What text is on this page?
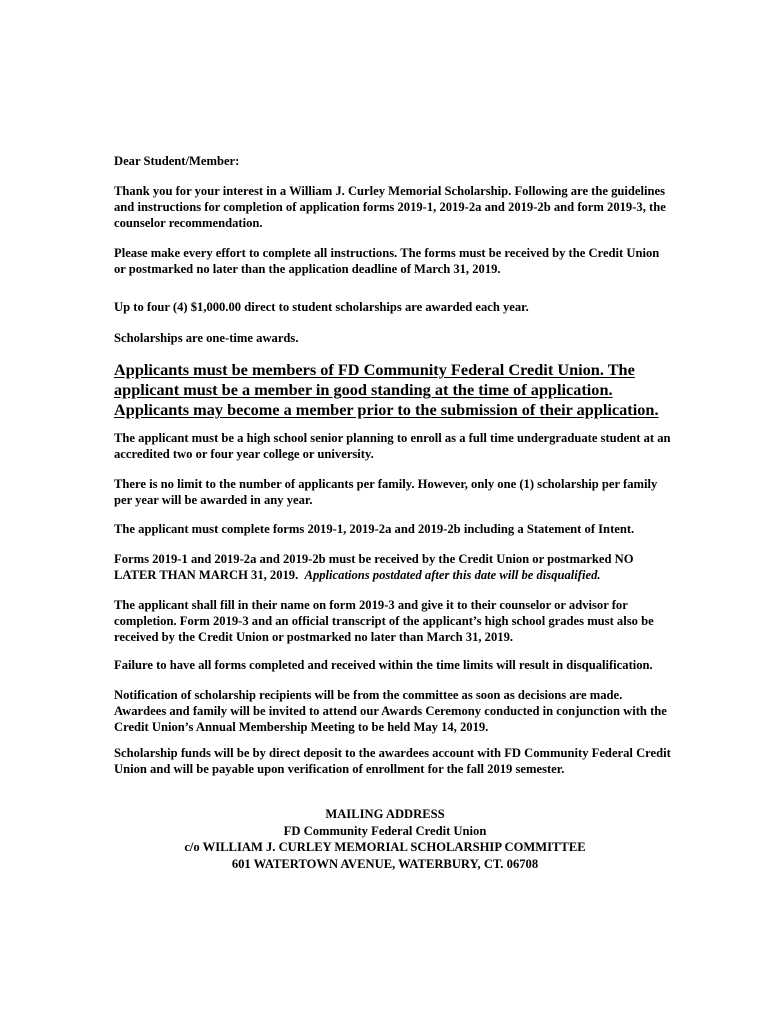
Dear Student/Member:

Thank you for your interest in a William J. Curley Memorial Scholarship. Following are the guidelines and instructions for completion of application forms 2019-1, 2019-2a and 2019-2b and form 2019-3, the counselor recommendation.

Please make every effort to complete all instructions. The forms must be received by the Credit Union or postmarked no later than the application deadline of March 31, 2019.

Up to four (4) $1,000.00 direct to student scholarships are awarded each year.

Scholarships are one-time awards.

Applicants must be members of FD Community Federal Credit Union. The applicant must be a member in good standing at the time of application. Applicants may become a member prior to the submission of their application.

The applicant must be a high school senior planning to enroll as a full time undergraduate student at an accredited two or four year college or university.

There is no limit to the number of applicants per family. However, only one (1) scholarship per family per year will be awarded in any year.

The applicant must complete forms 2019-1, 2019-2a and 2019-2b including a Statement of Intent.

Forms 2019-1 and 2019-2a and 2019-2b must be received by the Credit Union or postmarked NO LATER THAN MARCH 31, 2019. Applications postdated after this date will be disqualified.

The applicant shall fill in their name on form 2019-3 and give it to their counselor or advisor for completion. Form 2019-3 and an official transcript of the applicant’s high school grades must also be received by the Credit Union or postmarked no later than March 31, 2019.

Failure to have all forms completed and received within the time limits will result in disqualification.

Notification of scholarship recipients will be from the committee as soon as decisions are made. Awardees and family will be invited to attend our Awards Ceremony conducted in conjunction with the Credit Union’s Annual Membership Meeting to be held May 14, 2019.

Scholarship funds will be by direct deposit to the awardees account with FD Community Federal Credit Union and will be payable upon verification of enrollment for the fall 2019 semester.

MAILING ADDRESS
FD Community Federal Credit Union
c/o WILLIAM J. CURLEY MEMORIAL SCHOLARSHIP COMMITTEE
601 WATERTOWN AVENUE, WATERBURY, CT. 06708
